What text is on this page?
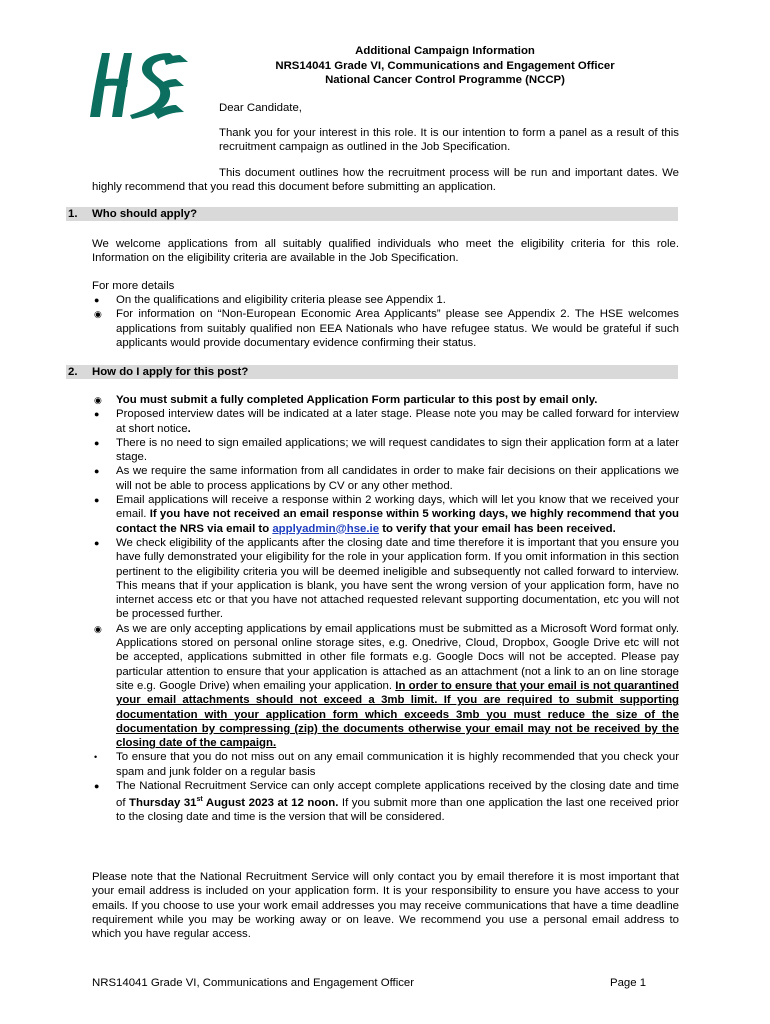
Additional Campaign Information
NRS14041 Grade VI, Communications and Engagement Officer
National Cancer Control Programme (NCCP)
Dear Candidate,
Thank you for your interest in this role. It is our intention to form a panel as a result of this recruitment campaign as outlined in the Job Specification.
This document outlines how the recruitment process will be run and important dates. We highly recommend that you read this document before submitting an application.
1. Who should apply?
We welcome applications from all suitably qualified individuals who meet the eligibility criteria for this role. Information on the eligibility criteria are available in the Job Specification.
For more details
● On the qualifications and eligibility criteria please see Appendix 1.
◉ For information on “Non-European Economic Area Applicants” please see Appendix 2. The HSE welcomes applications from suitably qualified non EEA Nationals who have refugee status. We would be grateful if such applicants would provide documentary evidence confirming their status.
2. How do I apply for this post?
◉ You must submit a fully completed Application Form particular to this post by email only.
● Proposed interview dates will be indicated at a later stage. Please note you may be called forward for interview at short notice.
● There is no need to sign emailed applications; we will request candidates to sign their application form at a later stage.
● As we require the same information from all candidates in order to make fair decisions on their applications we will not be able to process applications by CV or any other method.
● Email applications will receive a response within 2 working days, which will let you know that we received your email. If you have not received an email response within 5 working days, we highly recommend that you contact the NRS via email to applyadmin@hse.ie to verify that your email has been received.
● We check eligibility of the applicants after the closing date and time therefore it is important that you ensure you have fully demonstrated your eligibility for the role in your application form. If you omit information in this section pertinent to the eligibility criteria you will be deemed ineligible and subsequently not called forward to interview. This means that if your application is blank, you have sent the wrong version of your application form, have no internet access etc or that you have not attached requested relevant supporting documentation, etc you will not be processed further.
◉ As we are only accepting applications by email applications must be submitted as a Microsoft Word format only. Applications stored on personal online storage sites, e.g. Onedrive, Cloud, Dropbox, Google Drive etc will not be accepted, applications submitted in other file formats e.g. Google Docs will not be accepted. Please pay particular attention to ensure that your application is attached as an attachment (not a link to an on line storage site e.g. Google Drive) when emailing your application. In order to ensure that your email is not quarantined your email attachments should not exceed a 3mb limit. If you are required to submit supporting documentation with your application form which exceeds 3mb you must reduce the size of the documentation by compressing (zip) the documents otherwise your email may not be received by the closing date of the campaign.
• To ensure that you do not miss out on any email communication it is highly recommended that you check your spam and junk folder on a regular basis
● The National Recruitment Service can only accept complete applications received by the closing date and time of Thursday 31st August 2023 at 12 noon. If you submit more than one application the last one received prior to the closing date and time is the version that will be considered.
Please note that the National Recruitment Service will only contact you by email therefore it is most important that your email address is included on your application form. It is your responsibility to ensure you have access to your emails. If you choose to use your work email addresses you may receive communications that have a time deadline requirement while you may be working away or on leave. We recommend you use a personal email address to which you have regular access.
NRS14041 Grade VI, Communications and Engagement Officer	Page 1
